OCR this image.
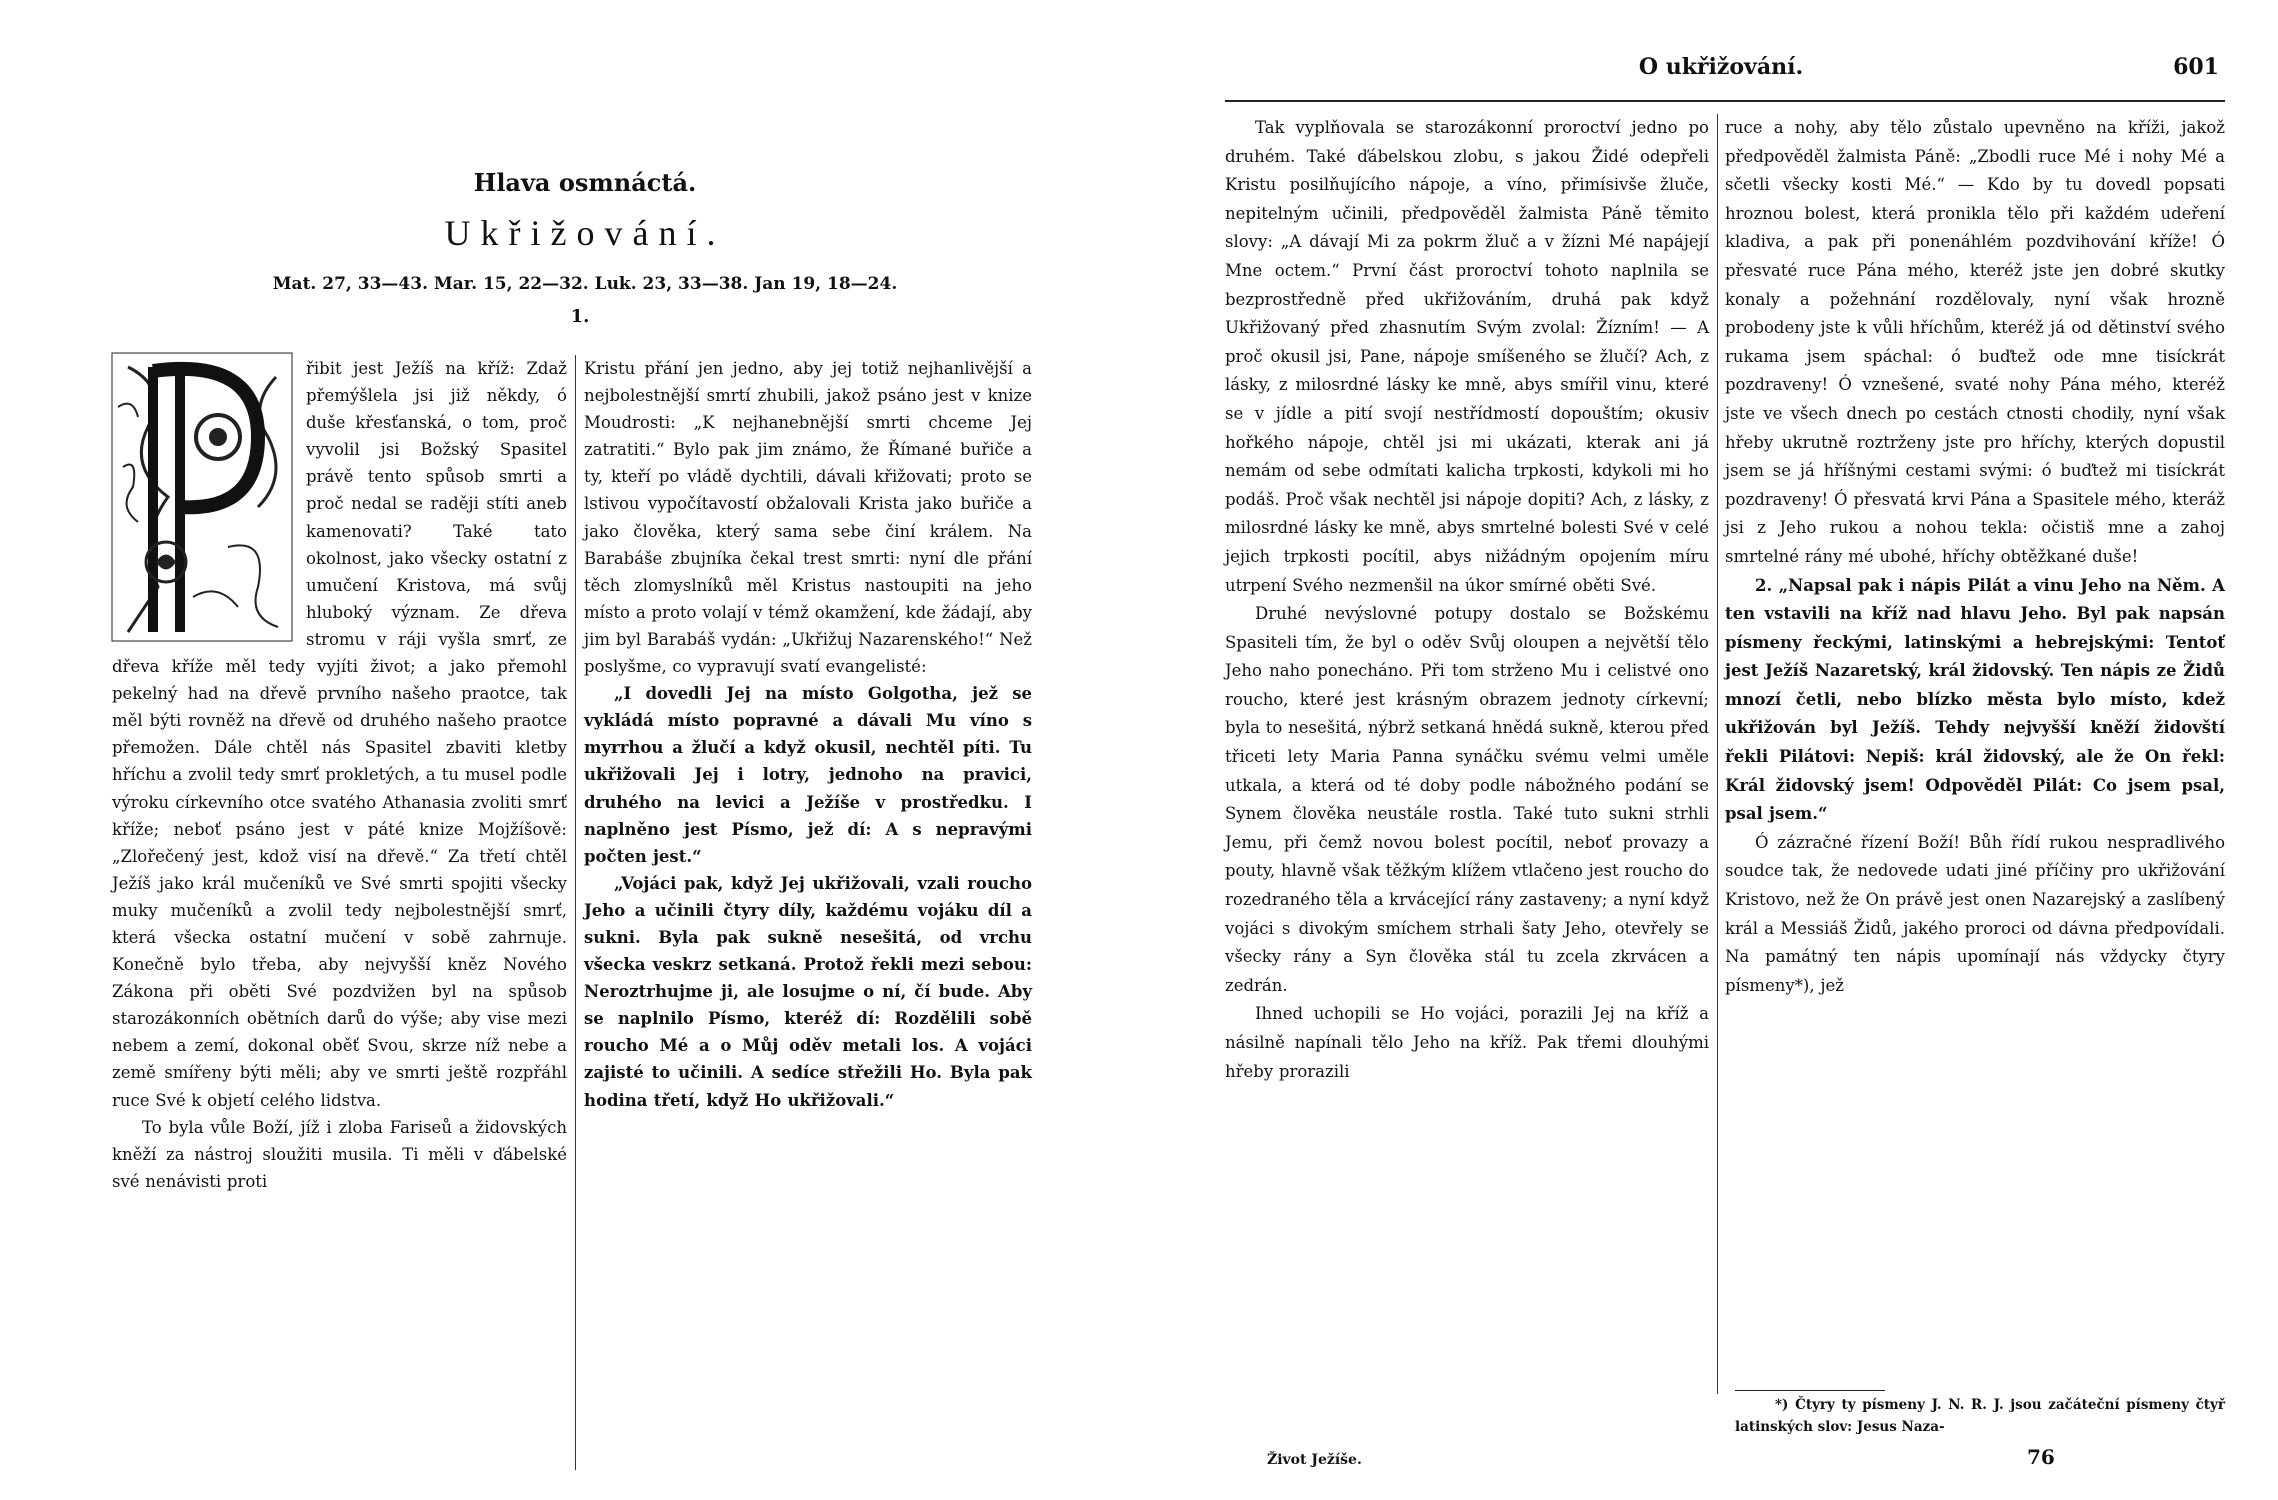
Hlava osmnáctá.
Ukřižování.
Mat. 27, 33—43. Mar. 15, 22—32. Luk. 23, 33—38. Jan 19, 18—24.
1.

řibit jest Ježíš na kříž: Zdaž přemýšlela jsi již někdy, ó duše křesťanská, o tom, proč vyvolil jsi Božský Spasitel právě tento spůsob smrti a proč nedal se raději stíti aneb kamenovati? Také tato okolnost, jako všecky ostatní z umučení Kristova, má svůj hluboký význam. Ze dřeva stromu v ráji vyšla smrť, ze dřeva kříže měl tedy vyjíti život; a jako přemohl pekelný had na dřevě prvního našeho praotce, tak měl býti rovněž na dřevě od druhého našeho praotce přemožen. Dále chtěl nás Spasitel zbaviti kletby hříchu a zvolil tedy smrť prokletých, a tu musel podle výroku církevního otce svatého Athanasia zvoliti smrť kříže; neboť psáno jest v páté knize Mojžíšově: „Zlořečený jest, kdož visí na dřevě.“ Za třetí chtěl Ježíš jako král mučeníků ve Své smrti spojiti všecky muky mučeníků a zvolil tedy nejbolestnější smrť, která všecka ostatní mučení v sobě zahrnuje. Konečně bylo třeba, aby nejvyšší kněz Nového Zákona při oběti Své pozdvižen byl na spůsob starozákonních obětních darů do výše; aby vise mezi nebem a zemí, dokonal oběť Svou, skrze níž nebe a země smířeny býti měli; aby ve smrti ještě rozpřáhl ruce Své k objetí celého lidstva.

To byla vůle Boží, jíž i zloba Fariseů a židovských kněží za nástroj sloužiti musila. Ti měli v ďábelské své nenávisti proti

Kristu přání jen jedno, aby jej totiž nejhanlivější a nejbolestnější smrtí zhubili, jakož psáno jest v knize Moudrosti: „K nejhanebnější smrti chceme Jej zatratiti.“ Bylo pak jim známo, že Římané buřiče a ty, kteří po vládě dychtili, dávali křižovati; proto se lstivou vypočítavostí obžalovali Krista jako buřiče a jako člověka, který sama sebe činí králem. Na Barabáše zbujníka čekal trest smrti: nyní dle přání těch zlomyslníků měl Kristus nastoupiti na jeho místo a proto volají v témž okamžení, kde žádají, aby jim byl Barabáš vydán: „Ukřižuj Nazarenského!“ Než poslyšme, co vypravují svatí evangelisté:

„I dovedli Jej na místo Golgotha, jež se vykládá místo popravné a dávali Mu víno s myrrhou a žlučí a když okusil, nechtěl píti. Tu ukřižovali Jej i lotry, jednoho na pravici, druhého na levici a Ježíše v prostředku. I naplněno jest Písmo, jež dí: A s nepravými počten jest.“

„Vojáci pak, když Jej ukřižovali, vzali roucho Jeho a učinili čtyry díly, každému vojáku díl a sukni. Byla pak sukně nesešitá, od vrchu všecka veskrz setkaná. Protož řekli mezi sebou: Neroztrhujme ji, ale losujme o ní, čí bude. Aby se naplnilo Písmo, kteréž dí: Rozdělili sobě roucho Mé a o Můj oděv metali los. A vojáci zajisté to učinili. A sedíce střežili Ho. Byla pak hodina třetí, když Ho ukřižovali.“

O ukřižování.	601

Tak vyplňovala se starozákonní proroctví jedno po druhém. Také ďábelskou zlobu, s jakou Židé odepřeli Kristu posilňujícího nápoje, a víno, přimísivše žluče, nepitelným učinili, předpověděl žalmista Páně těmito slovy: „A dávají Mi za pokrm žluč a v žízni Mé napájejí Mne octem.“ První část proroctví tohoto naplnila se bezprostředně před ukřižováním, druhá pak když Ukřižovaný před zhasnutím Svým zvolal: Žízním! — A proč okusil jsi, Pane, nápoje smíšeného se žlučí? Ach, z lásky, z milosrdné lásky ke mně, abys smířil vinu, které se v jídle a pití svojí nestřídmostí dopouštím; okusiv hořkého nápoje, chtěl jsi mi ukázati, kterak ani já nemám od sebe odmítati kalicha trpkosti, kdykoli mi ho podáš. Proč však nechtěl jsi nápoje dopiti? Ach, z lásky, z milosrdné lásky ke mně, abys smrtelné bolesti Své v celé jejich trpkosti pocítil, abys nižádným opojením míru utrpení Svého nezmenšil na úkor smírné oběti Své.

Druhé nevýslovné potupy dostalo se Božskému Spasiteli tím, že byl o oděv Svůj oloupen a největší tělo Jeho naho ponecháno. Při tom strženo Mu i celistvé ono roucho, které jest krásným obrazem jednoty církevní; byla to nesešitá, nýbrž setkaná hnědá sukně, kterou před třiceti lety Maria Panna synáčku svému velmi uměle utkala, a která od té doby podle nábožného podání se Synem člověka neustále rostla. Také tuto sukni strhli Jemu, při čemž novou bolest pocítil, neboť provazy a pouty, hlavně však těžkým klížem vtlačeno jest roucho do rozedraného těla a krvácející rány zastaveny; a nyní když vojáci s divokým smíchem strhali šaty Jeho, otevřely se všecky rány a Syn člověka stál tu zcela zkrvácen a zedrán.

Ihned uchopili se Ho vojáci, porazili Jej na kříž a násilně napínali tělo Jeho na kříž. Pak třemi dlouhými hřeby prorazili

ruce a nohy, aby tělo zůstalo upevněno na kříži, jakož předpověděl žalmista Páně: „Zbodli ruce Mé i nohy Mé a sčetli všecky kosti Mé.“ — Kdo by tu dovedl popsati hroznou bolest, která pronikla tělo při každém udeření kladiva, a pak při ponenáhlém pozdvihování kříže! Ó přesvaté ruce Pána mého, kteréž jste jen dobré skutky konaly a požehnání rozdělovaly, nyní však hrozně probodeny jste k vůli hříchům, kteréž já od dětinství svého rukama jsem spáchal: ó buďtež ode mne tisíckrát pozdraveny! Ó vznešené, svaté nohy Pána mého, kteréž jste ve všech dnech po cestách ctnosti chodily, nyní však hřeby ukrutně roztrženy jste pro hříchy, kterých dopustil jsem se já hříšnými cestami svými: ó buďtež mi tisíckrát pozdraveny! Ó přesvatá krvi Pána a Spasitele mého, kteráž jsi z Jeho rukou a nohou tekla: očistiš mne a zahoj smrtelné rány mé ubohé, hříchy obtěžkané duše!

2. „Napsal pak i nápis Pilát a vinu Jeho na Něm. A ten vstavili na kříž nad hlavu Jeho. Byl pak napsán písmeny řeckými, latinskými a hebrejskými: Tentoť jest Ježíš Nazaretský, král židovský. Ten nápis ze Židů mnozí četli, nebo blízko města bylo místo, kdež ukřižován byl Ježíš. Tehdy nejvyšší kněží židovští řekli Pilátovi: Nepiš: král židovský, ale že On řekl: Král židovský jsem! Odpověděl Pilát: Co jsem psal, psal jsem.“

Ó zázračné řízení Boží! Bůh řídí rukou nespradlivého soudce tak, že nedovede udati jiné příčiny pro ukřižování Kristovo, než že On právě jest onen Nazarejský a zaslíbený král a Messiáš Židů, jakého proroci od dávna předpovídali. Na památný ten nápis upomínají nás vždycky čtyry písmeny*), jež

*) Čtyry ty písmeny J. N. R. J. jsou začáteční písmeny čtyř latinských slov: Jesus Naza-
Život Ježíše.	76
